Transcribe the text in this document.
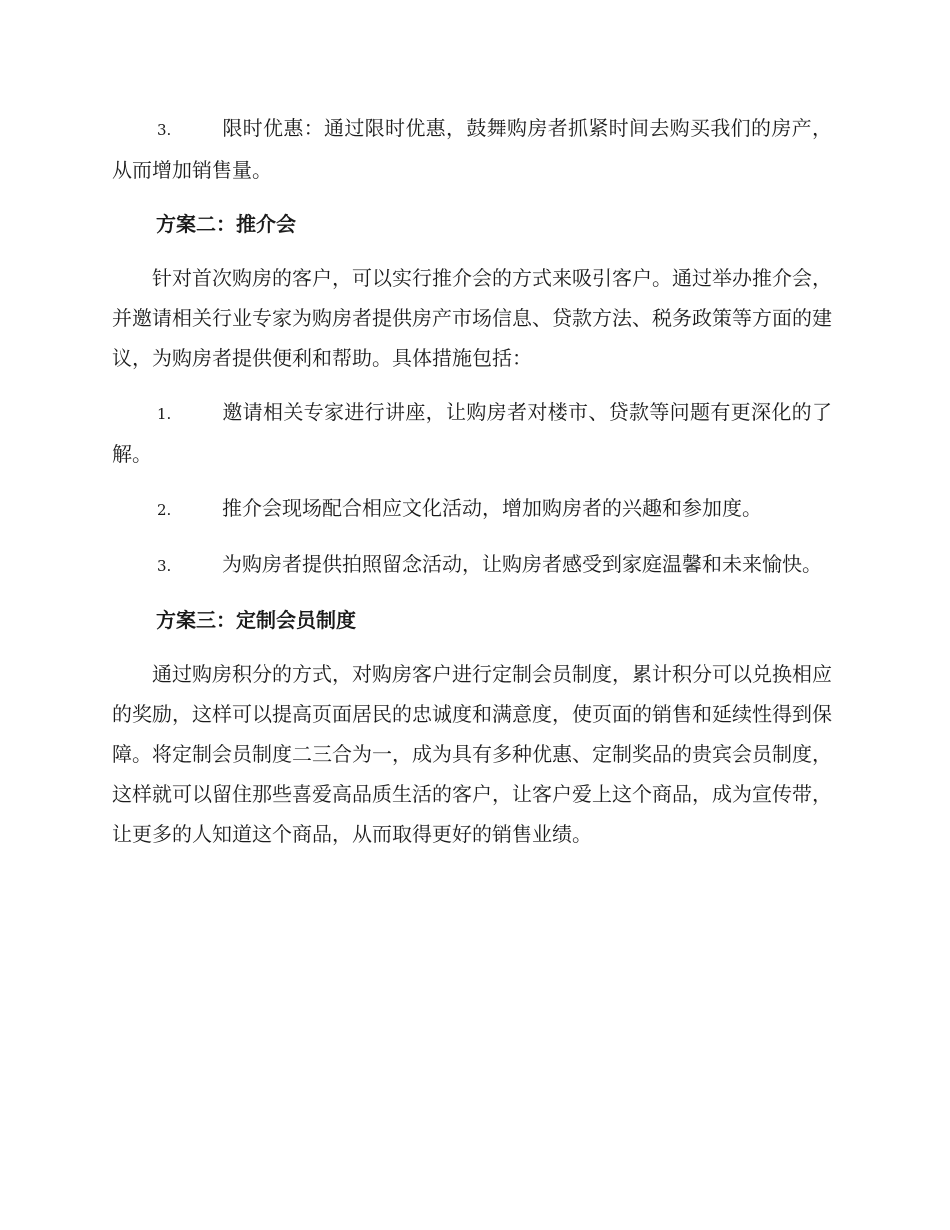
3.	限时优惠：通过限时优惠，鼓舞购房者抓紧时间去购买我们的房产，从而增加销售量。

方案二：推介会

针对首次购房的客户，可以实行推介会的方式来吸引客户。通过举办推介会，并邀请相关行业专家为购房者提供房产市场信息、贷款方法、税务政策等方面的建议，为购房者提供便利和帮助。具体措施包括：

1.	邀请相关专家进行讲座，让购房者对楼市、贷款等问题有更深化的了解。

2.	推介会现场配合相应文化活动，增加购房者的兴趣和参加度。

3.	为购房者提供拍照留念活动，让购房者感受到家庭温馨和未来愉快。

方案三：定制会员制度

通过购房积分的方式，对购房客户进行定制会员制度，累计积分可以兑换相应的奖励，这样可以提高页面居民的忠诚度和满意度，使页面的销售和延续性得到保障。将定制会员制度二三合为一，成为具有多种优惠、定制奖品的贵宾会员制度，这样就可以留住那些喜爱高品质生活的客户，让客户爱上这个商品，成为宣传带，让更多的人知道这个商品，从而取得更好的销售业绩。
